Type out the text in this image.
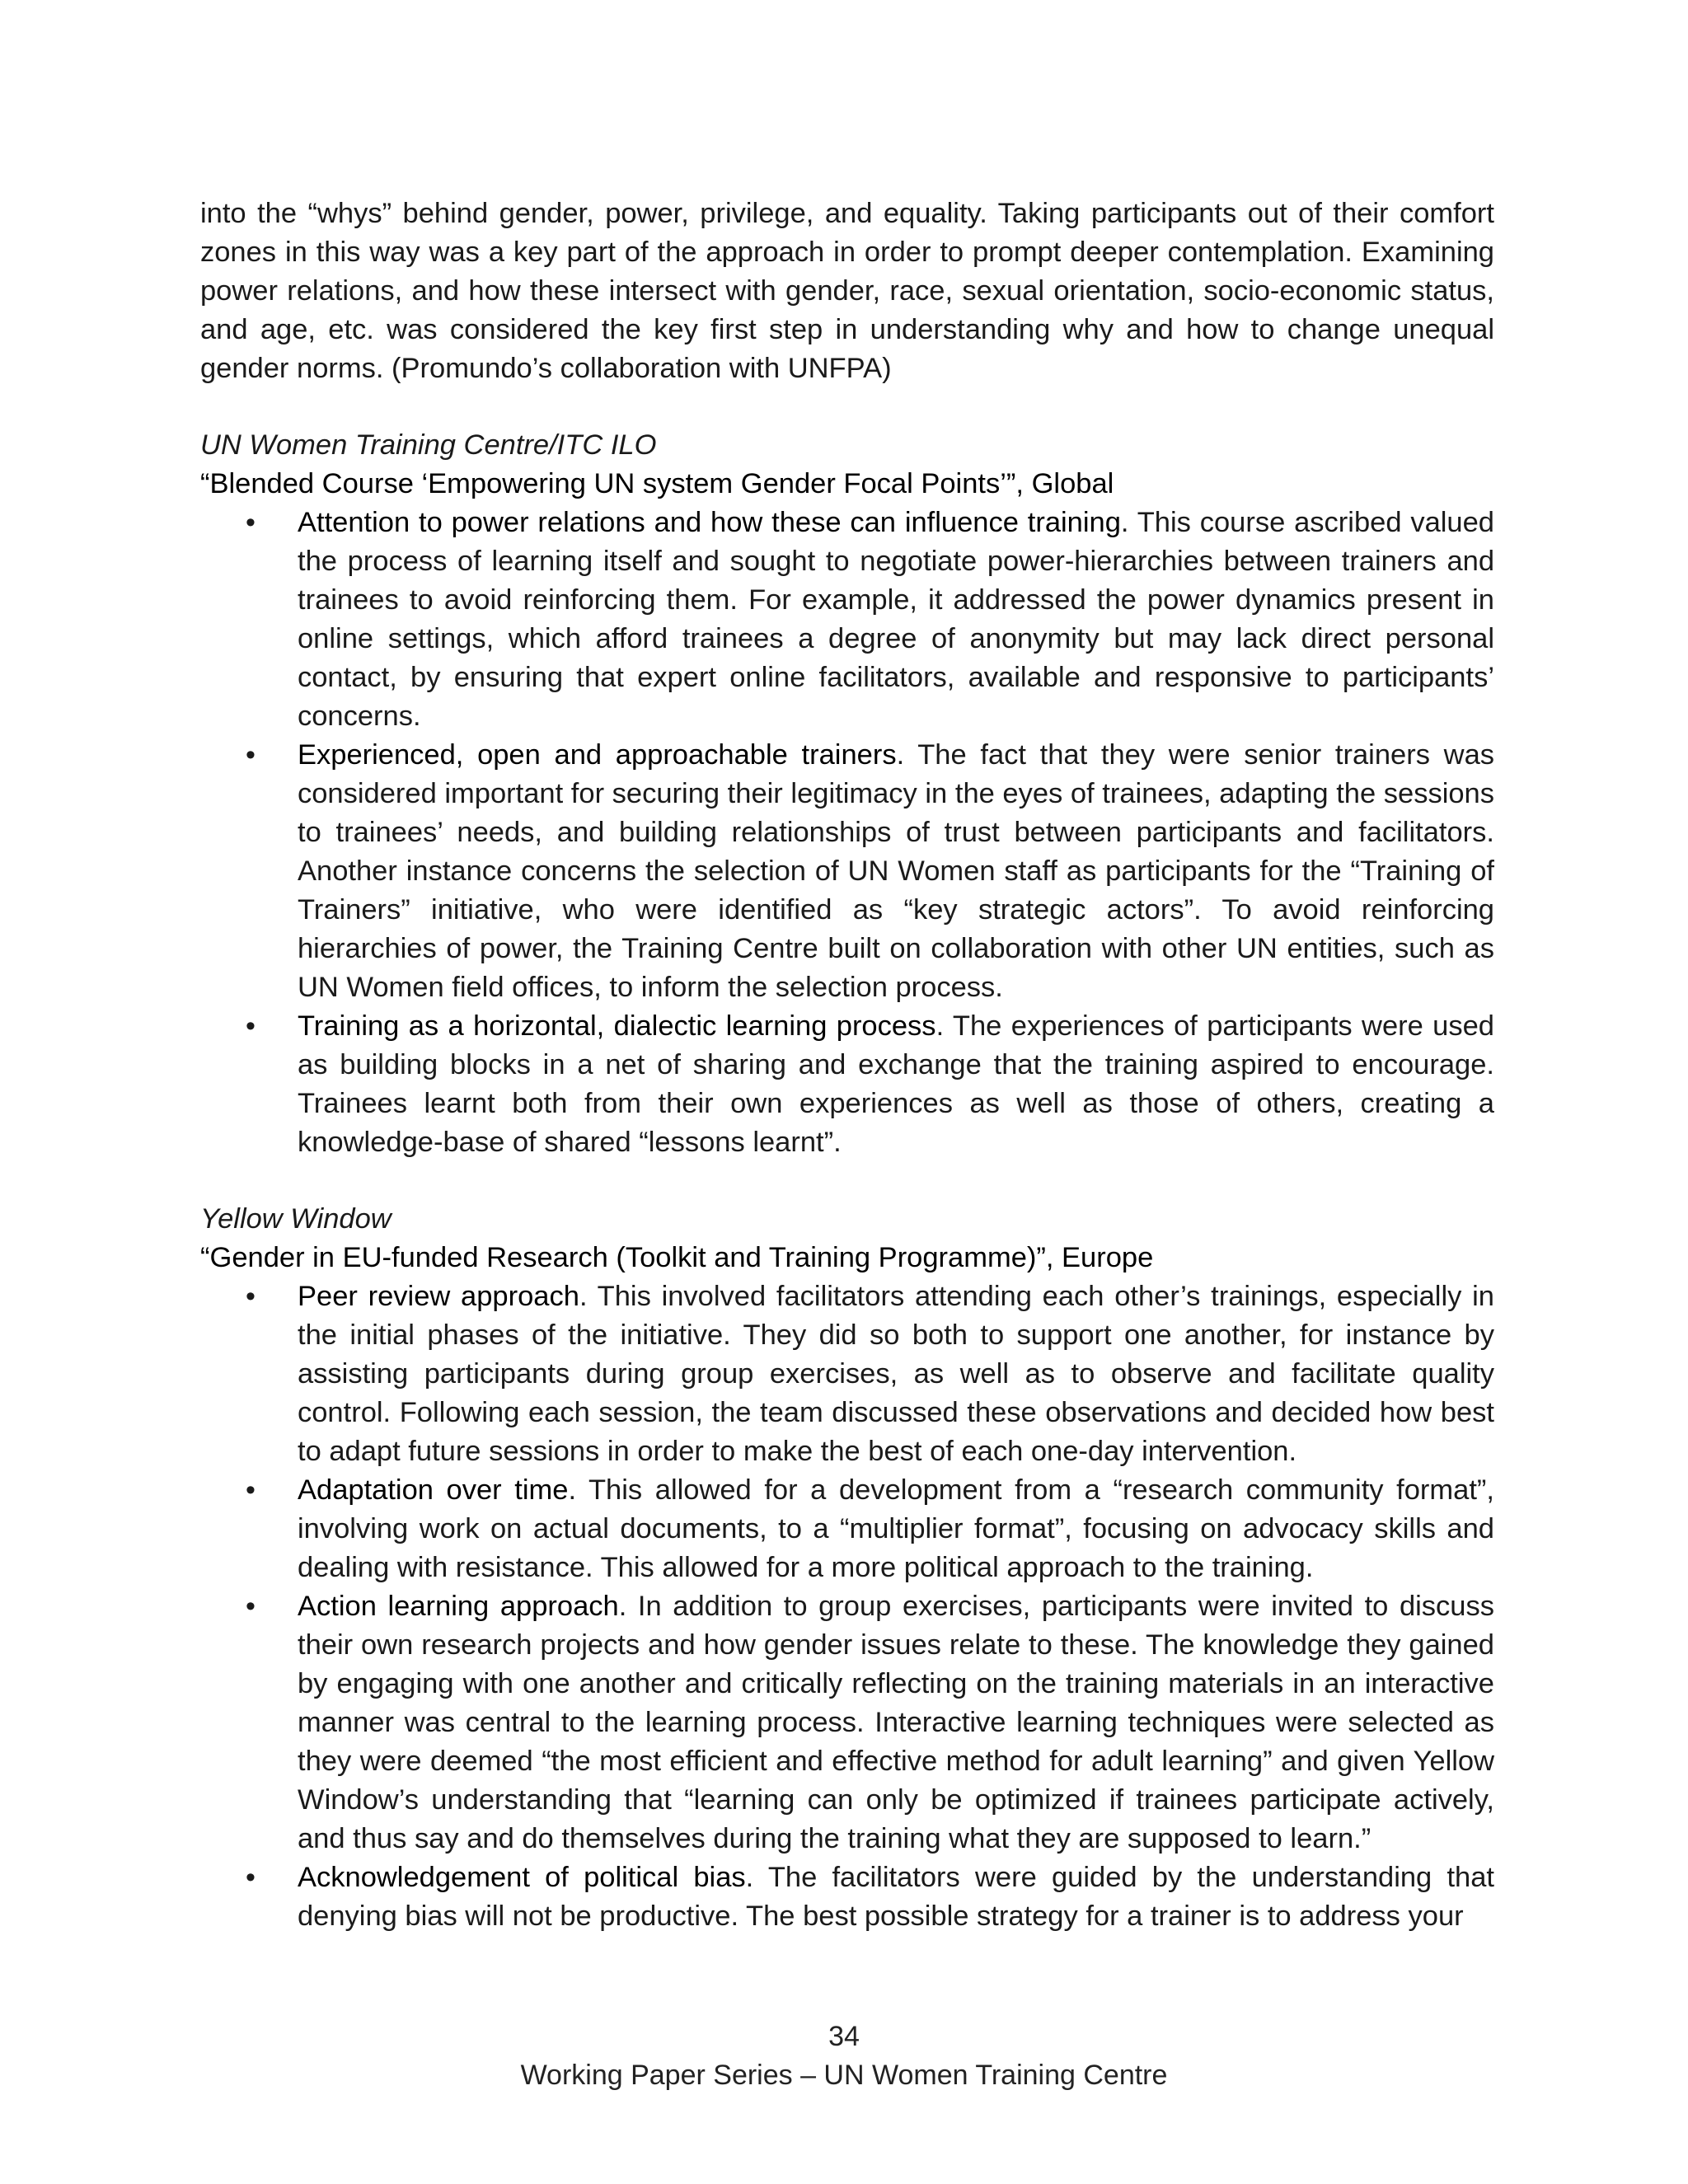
into the “whys” behind gender, power, privilege, and equality. Taking participants out of their comfort zones in this way was a key part of the approach in order to prompt deeper contemplation. Examining power relations, and how these intersect with gender, race, sexual orientation, socio-economic status, and age, etc. was considered the key first step in understanding why and how to change unequal gender norms. (Promundo’s collaboration with UNFPA)

UN Women Training Centre/ITC ILO
“Blended Course ‘Empowering UN system Gender Focal Points’”, Global
• Attention to power relations and how these can influence training. This course ascribed valued the process of learning itself and sought to negotiate power-hierarchies between trainers and trainees to avoid reinforcing them. For example, it addressed the power dynamics present in online settings, which afford trainees a degree of anonymity but may lack direct personal contact, by ensuring that expert online facilitators, available and responsive to participants’ concerns.
• Experienced, open and approachable trainers. The fact that they were senior trainers was considered important for securing their legitimacy in the eyes of trainees, adapting the sessions to trainees’ needs, and building relationships of trust between participants and facilitators. Another instance concerns the selection of UN Women staff as participants for the “Training of Trainers” initiative, who were identified as “key strategic actors”. To avoid reinforcing hierarchies of power, the Training Centre built on collaboration with other UN entities, such as UN Women field offices, to inform the selection process.
• Training as a horizontal, dialectic learning process. The experiences of participants were used as building blocks in a net of sharing and exchange that the training aspired to encourage. Trainees learnt both from their own experiences as well as those of others, creating a knowledge-base of shared “lessons learnt”.
Yellow Window
“Gender in EU-funded Research (Toolkit and Training Programme)”, Europe
• Peer review approach. This involved facilitators attending each other’s trainings, especially in the initial phases of the initiative. They did so both to support one another, for instance by assisting participants during group exercises, as well as to observe and facilitate quality control. Following each session, the team discussed these observations and decided how best to adapt future sessions in order to make the best of each one-day intervention.
• Adaptation over time. This allowed for a development from a “research community format”, involving work on actual documents, to a “multiplier format”, focusing on advocacy skills and dealing with resistance. This allowed for a more political approach to the training.
• Action learning approach. In addition to group exercises, participants were invited to discuss their own research projects and how gender issues relate to these. The knowledge they gained by engaging with one another and critically reflecting on the training materials in an interactive manner was central to the learning process. Interactive learning techniques were selected as they were deemed “the most efficient and effective method for adult learning” and given Yellow Window’s understanding that “learning can only be optimized if trainees participate actively, and thus say and do themselves during the training what they are supposed to learn.”
• Acknowledgement of political bias. The facilitators were guided by the understanding that denying bias will not be productive. The best possible strategy for a trainer is to address your
34
Working Paper Series – UN Women Training Centre
